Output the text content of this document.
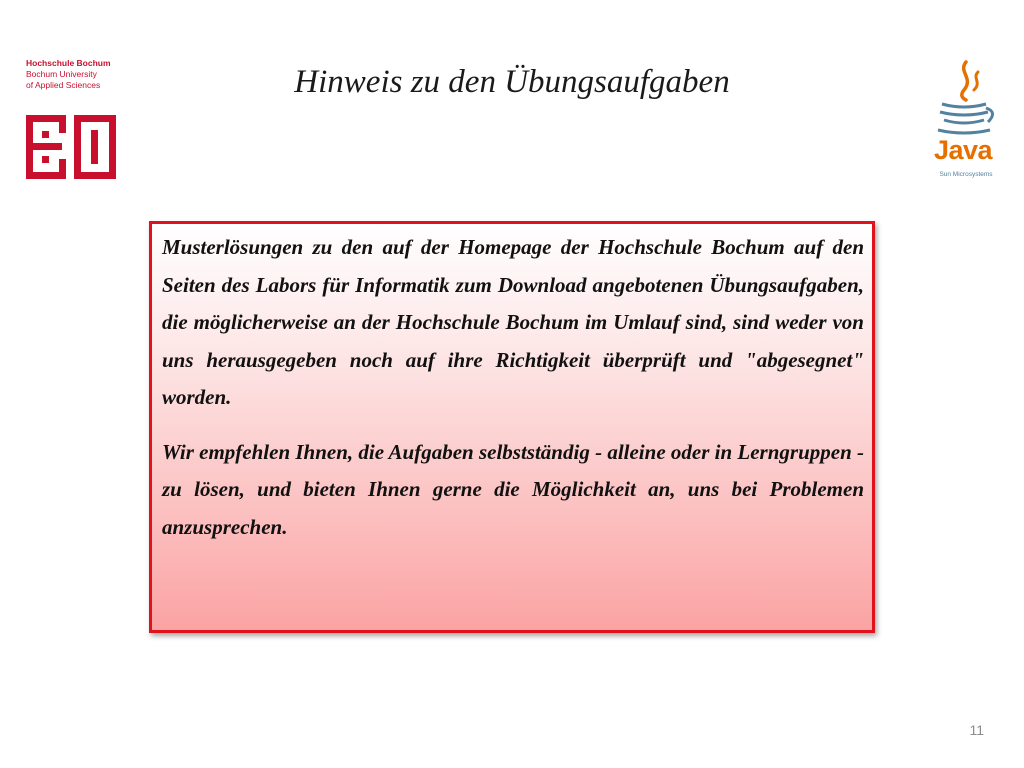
Hochschule Bochum
Bochum University
of Applied Sciences	Hinweis zu den Übungsaufgaben
Java
Sun Microsystems

Musterlösungen zu den auf der Homepage der Hochschule Bochum auf den Seiten des Labors für Informatik zum Download angebotenen Übungsaufgaben, die möglicherweise an der Hochschule Bochum im Umlauf sind, sind weder von uns herausgegeben noch auf ihre Richtigkeit überprüft und "abgesegnet" worden.

Wir empfehlen Ihnen, die Aufgaben selbstständig - alleine oder in Lerngruppen - zu lösen, und bieten Ihnen gerne die Möglichkeit an, uns bei Problemen anzusprechen.

11
